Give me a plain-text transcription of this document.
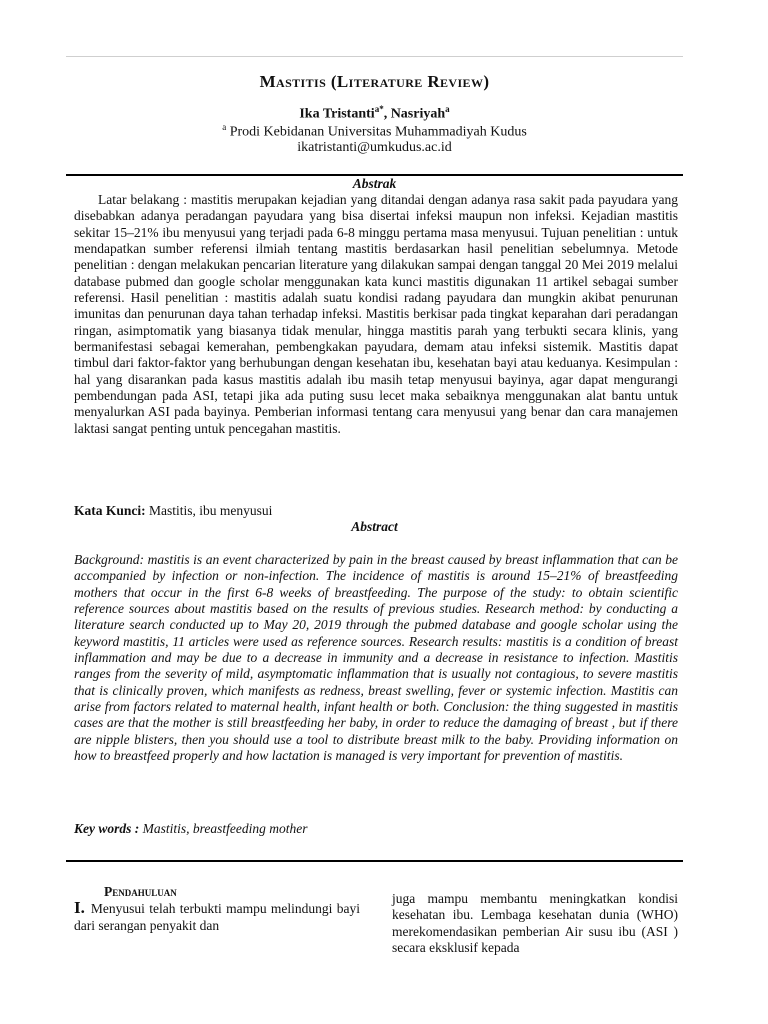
Mastitis (Literature Review)
Ika Tristanti$^{a*}$, Nasriyah$^a$
$^a$ Prodi Kebidanan Universitas Muhammadiyah Kudus
ikatristanti@umkudus.ac.id
Abstrak
Latar belakang : mastitis merupakan kejadian yang ditandai dengan adanya rasa sakit pada payudara yang disebabkan adanya peradangan payudara yang bisa disertai infeksi maupun non infeksi. Kejadian mastitis sekitar 15–21% ibu menyusui yang terjadi pada 6-8 minggu pertama masa menyusui. Tujuan penelitian : untuk mendapatkan sumber referensi ilmiah tentang mastitis berdasarkan hasil penelitian sebelumnya. Metode penelitian : dengan melakukan pencarian literature yang dilakukan sampai dengan tanggal 20 Mei 2019 melalui database pubmed dan google scholar menggunakan kata kunci mastitis digunakan 11 artikel sebagai sumber referensi. Hasil penelitian : mastitis adalah suatu kondisi radang payudara dan mungkin akibat penurunan imunitas dan penurunan daya tahan terhadap infeksi. Mastitis berkisar pada tingkat keparahan dari peradangan ringan, asimptomatik yang biasanya tidak menular, hingga mastitis parah yang terbukti secara klinis, yang bermanifestasi sebagai kemerahan, pembengkakan payudara, demam atau infeksi sistemik. Mastitis dapat timbul dari faktor-faktor yang berhubungan dengan kesehatan ibu, kesehatan bayi atau keduanya. Kesimpulan : hal yang disarankan pada kasus mastitis adalah ibu masih tetap menyusui bayinya, agar dapat mengurangi pembendungan pada ASI, tetapi jika ada puting susu lecet maka sebaiknya menggunakan alat bantu untuk menyalurkan ASI pada bayinya. Pemberian informasi tentang cara menyusui yang benar dan cara manajemen laktasi sangat penting untuk pencegahan mastitis.
Kata Kunci: Mastitis, ibu menyusui
Abstract
Background: mastitis is an event characterized by pain in the breast caused by breast inflammation that can be accompanied by infection or non-infection. The incidence of mastitis is around 15–21% of breastfeeding mothers that occur in the first 6-8 weeks of breastfeeding. The purpose of the study: to obtain scientific reference sources about mastitis based on the results of previous studies. Research method: by conducting a literature search conducted up to May 20, 2019 through the pubmed database and google scholar using the keyword mastitis, 11 articles were used as reference sources. Research results: mastitis is a condition of breast inflammation and may be due to a decrease in immunity and a decrease in resistance to infection. Mastitis ranges from the severity of mild, asymptomatic inflammation that is usually not contagious, to severe mastitis that is clinically proven, which manifests as redness, breast swelling, fever or systemic infection. Mastitis can arise from factors related to maternal health, infant health or both. Conclusion: the thing suggested in mastitis cases are that the mother is still breastfeeding her baby, in order to reduce the damaging of breast , but if there are nipple blisters, then you should use a tool to distribute breast milk to the baby. Providing information on how to breastfeed properly and how lactation is managed is very important for prevention of mastitis.
Key words : Mastitis, breastfeeding mother
Pendahuluan
I. Menyusui telah terbukti mampu melindungi bayi dari serangan penyakit dan
juga mampu membantu meningkatkan kondisi kesehatan ibu. Lembaga kesehatan dunia (WHO) merekomendasikan pemberian Air susu ibu (ASI ) secara eksklusif kepada
